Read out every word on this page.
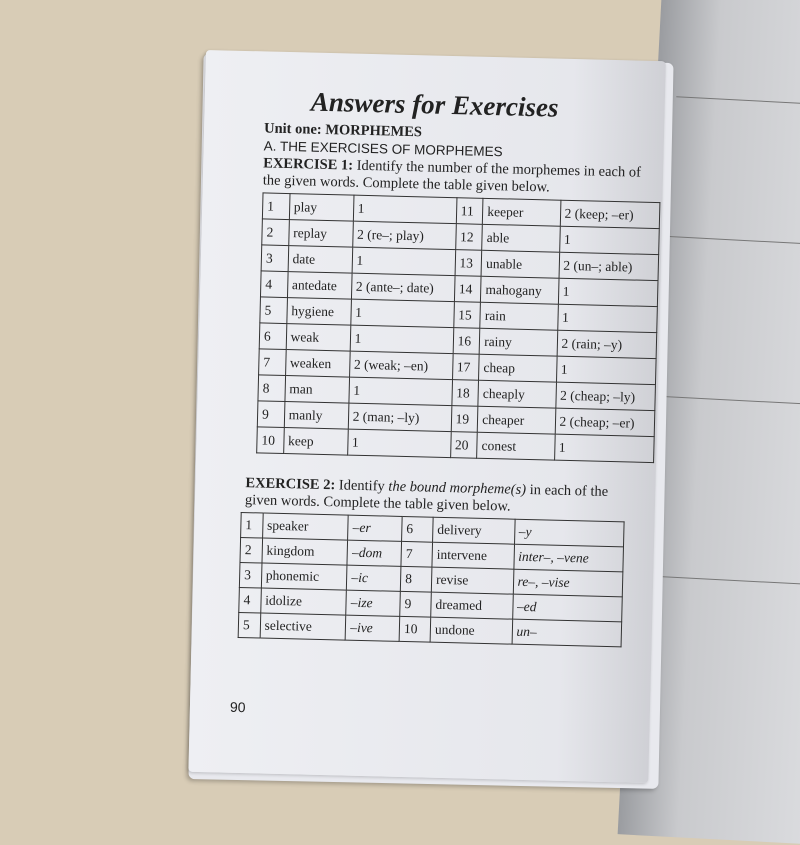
Answers for Exercises
Unit one: MORPHEMES
A. THE EXERCISES OF MORPHEMES
EXERCISE 1: Identify the number of the morphemes in each of the given words. Complete the table given below.
1	play	1	11	keeper	2 (keep; –er)
2	replay	2 (re–; play)	12	able	1
3	date	1	13	unable	2 (un–; able)
4	antedate	2 (ante–; date)	14	mahogany	1
5	hygiene	1	15	rain	1
6	weak	1	16	rainy	2 (rain; –y)
7	weaken	2 (weak; –en)	17	cheap	1
8	man	1	18	cheaply	2 (cheap; –ly)
9	manly	2 (man; –ly)	19	cheaper	2 (cheap; –er)
10	keep	1	20	conest	1
EXERCISE 2: Identify the bound morpheme(s) in each of the given words. Complete the table given below.
1	speaker	–er	6	delivery	–y
2	kingdom	–dom	7	intervene	inter–, –vene
3	phonemic	–ic	8	revise	re–, –vise
4	idolize	–ize	9	dreamed	–ed
5	selective	–ive	10	undone	un–
90
